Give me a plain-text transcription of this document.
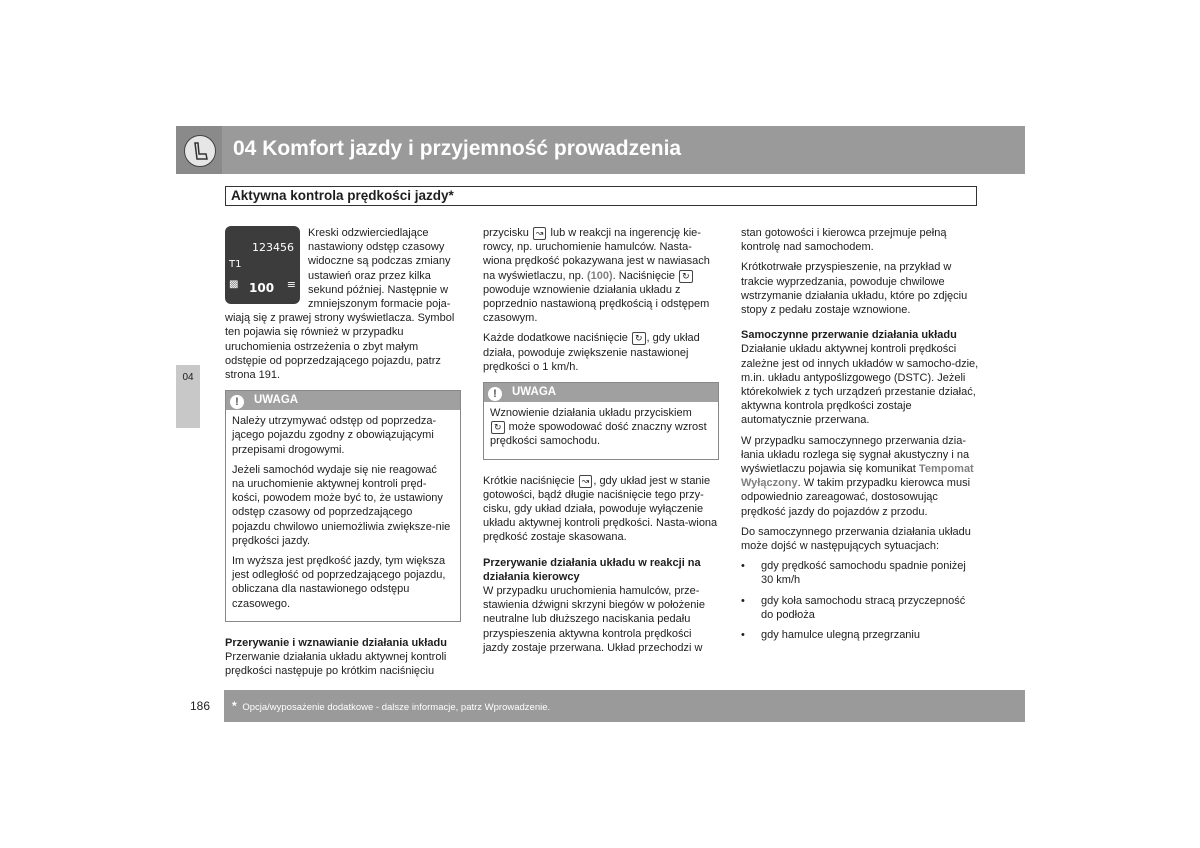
04 Komfort jazdy i przyjemność prowadzenia
Aktywna kontrola prędkości jazdy*
04
123456
T1
▩ 100 ≡

Kreski odzwierciedlające nastawiony odstęp czasowy widoczne są podczas zmiany ustawień oraz przez kilka sekund później. Następnie w zmniejszonym formacie poja-wiają się z prawej strony wyświetlacza. Symbol ten pojawia się również w przypadku uruchomienia ostrzeżenia o zbyt małym odstępie od poprzedzającego pojazdu, patrz strona 191.

! UWAGA

Należy utrzymywać odstęp od poprzedza-jącego pojazdu zgodny z obowiązującymi przepisami drogowymi.

Jeżeli samochód wydaje się nie reagować na uruchomienie aktywnej kontroli pręd-kości, powodem może być to, że ustawiony odstęp czasowy od poprzedzającego pojazdu chwilowo uniemożliwia zwiększe-nie prędkości jazdy.

Im wyższa jest prędkość jazdy, tym większa jest odległość od poprzedzającego pojazdu, obliczana dla nastawionego odstępu czasowego.

Przerywanie i wznawianie działania układu

Przerwanie działania układu aktywnej kontroli prędkości następuje po krótkim naciśnięciu

przycisku ↝ lub w reakcji na ingerencję kie-rowcy, np. uruchomienie hamulców. Nasta-wiona prędkość pokazywana jest w nawiasach na wyświetlaczu, np. (100). Naciśnięcie ↻ powoduje wznowienie działania układu z poprzednio nastawioną prędkością i odstępem czasowym.

Każde dodatkowe naciśnięcie ↻ , gdy układ działa, powoduje zwiększenie nastawionej prędkości o 1 km/h.

! UWAGA

Wznowienie działania układu przyciskiem ↻ może spowodować dość znaczny wzrost prędkości samochodu.

Krótkie naciśnięcie ↝ , gdy układ jest w stanie gotowości, bądź długie naciśnięcie tego przy-cisku, gdy układ działa, powoduje wyłączenie układu aktywnej kontroli prędkości. Nasta-wiona prędkość zostaje skasowana.

Przerywanie działania układu w reakcji na działania kierowcy

W przypadku uruchomienia hamulców, prze-stawienia dźwigni skrzyni biegów w położenie neutralne lub dłuższego naciskania pedału przyspieszenia aktywna kontrola prędkości jazdy zostaje przerwana. Układ przechodzi w

stan gotowości i kierowca przejmuje pełną kontrolę nad samochodem.

Krótkotrwałe przyspieszenie, na przykład w trakcie wyprzedzania, powoduje chwilowe wstrzymanie działania układu, które po zdjęciu stopy z pedału zostaje wznowione.

Samoczynne przerwanie działania układu

Działanie układu aktywnej kontroli prędkości zależne jest od innych układów w samocho-dzie, m.in. układu antypoślizgowego (DSTC). Jeżeli którekolwiek z tych urządzeń przestanie działać, aktywna kontrola prędkości zostaje automatycznie przerwana.

W przypadku samoczynnego przerwania dzia-łania układu rozlega się sygnał akustyczny i na wyświetlaczu pojawia się komunikat Tempomat Wyłączony. W takim przypadku kierowca musi odpowiednio zareagować, dostosowując prędkość jazdy do pojazdów z przodu.

Do samoczynnego przerwania działania układu może dojść w następujących sytuacjach:

• gdy prędkość samochodu spadnie poniżej 30 km/h
• gdy koła samochodu stracą przyczepność do podłoża
• gdy hamulce ulegną przegrzaniu
186	* Opcja/wyposażenie dodatkowe - dalsze informacje, patrz Wprowadzenie.
